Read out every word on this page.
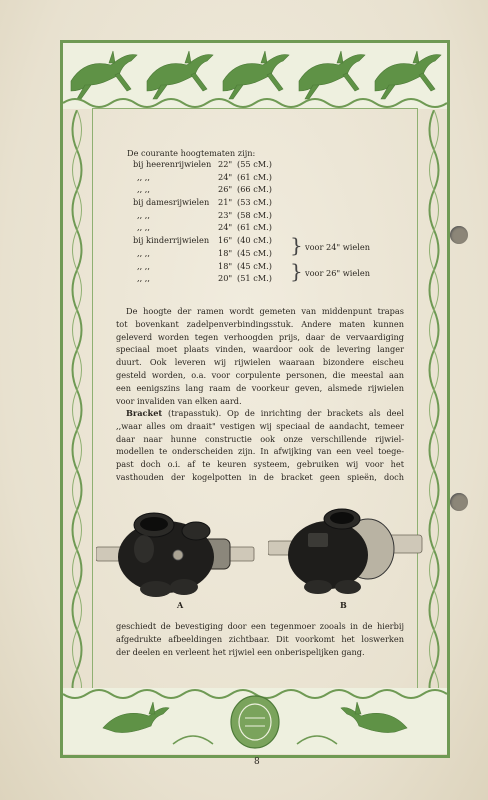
De courante hoogtematen zijn:
bij heerenrijwielen 22" (55 cM.)
,, ,,	24" (61 cM.)
,, ,,	26" (66 cM.)
bij damesrijwielen 21" (53 cM.)
,, ,,	23" (58 cM.)
,, ,,	24" (61 cM.)
bij kinderrijwielen 16" (40 cM.)
,, ,,	18" (45 cM.)
,, ,,	18" (45 cM.)
,, ,,	20" (51 cM.)
} voor 24" wielen
} voor 26" wielen
De hoogte der ramen wordt gemeten van middenpunt trapas
tot bovenkant zadelpenverbindingsstuk. Andere maten kunnen
geleverd worden tegen verhoogden prijs, daar de vervaardiging
speciaal moet plaats vinden, waardoor ook de levering langer
duurt. Ook leveren wij rijwielen waaraan bizondere eischeu
gesteld worden, o.a. voor corpulente personen, die meestal aan
een eenigszins lang raam de voorkeur geven, alsmede rijwielen
voor invaliden van elken aard.
Bracket (trapasstuk). Op de inrichting der brackets als deel
,,waar alles om draait" vestigen wij speciaal de aandacht, temeer
daar naar hunne constructie ook onze verschillende rijwiel-
modellen te onderscheiden zijn. In afwijking van een veel toege-
past doch o.i. af te keuren systeem, gebruiken wij voor het
vasthouden der kogelpotten in de bracket geen spieën, doch
A	B
geschiedt de bevestiging door een tegenmoer zooals in de hierbij
afgedrukte afbeeldingen zichtbaar. Dit voorkomt het loswerken
der deelen en verleent het rijwiel een onberispelijken gang.
8
